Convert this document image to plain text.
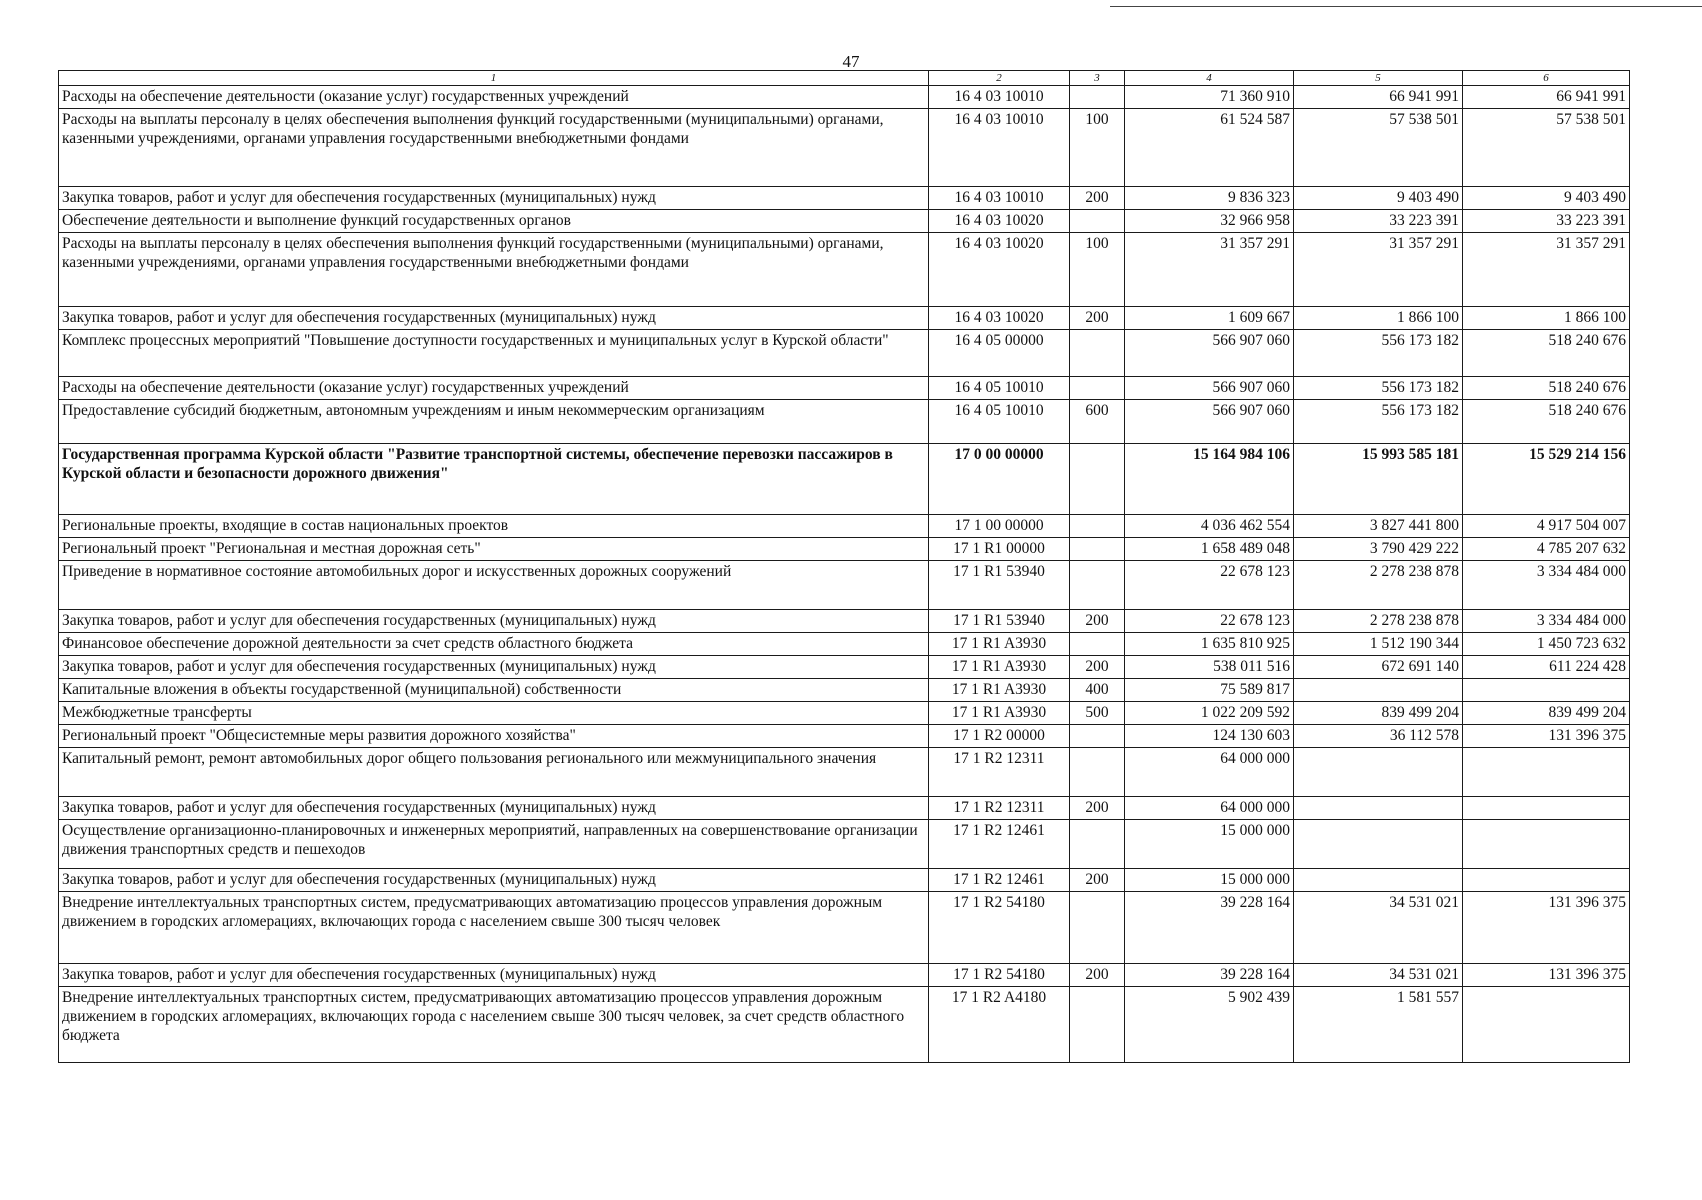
47
1	2	3	4	5	6
Расходы на обеспечение деятельности (оказание услуг) государственных учреждений	16 4 03 10010		71 360 910	66 941 991	66 941 991
Расходы на выплаты персоналу в целях обеспечения выполнения функций государственными (муниципальными) органами, казенными учреждениями, органами управления государственными внебюджетными фондами	16 4 03 10010	100	61 524 587	57 538 501	57 538 501
Закупка товаров, работ и услуг для обеспечения государственных (муниципальных) нужд	16 4 03 10010	200	9 836 323	9 403 490	9 403 490
Обеспечение деятельности и выполнение функций государственных органов	16 4 03 10020		32 966 958	33 223 391	33 223 391
Расходы на выплаты персоналу в целях обеспечения выполнения функций государственными (муниципальными) органами, казенными учреждениями, органами управления государственными внебюджетными фондами	16 4 03 10020	100	31 357 291	31 357 291	31 357 291
Закупка товаров, работ и услуг для обеспечения государственных (муниципальных) нужд	16 4 03 10020	200	1 609 667	1 866 100	1 866 100
Комплекс процессных мероприятий "Повышение доступности государственных и муниципальных услуг в Курской области"	16 4 05 00000		566 907 060	556 173 182	518 240 676
Расходы на обеспечение деятельности (оказание услуг) государственных учреждений	16 4 05 10010		566 907 060	556 173 182	518 240 676
Предоставление субсидий бюджетным, автономным учреждениям и иным некоммерческим организациям	16 4 05 10010	600	566 907 060	556 173 182	518 240 676
Государственная программа Курской области "Развитие транспортной системы, обеспечение перевозки пассажиров в Курской области и безопасности дорожного движения"	17 0 00 00000		15 164 984 106	15 993 585 181	15 529 214 156
Региональные проекты, входящие в состав национальных проектов	17 1 00 00000		4 036 462 554	3 827 441 800	4 917 504 007
Региональный проект "Региональная и местная дорожная сеть"	17 1 R1 00000		1 658 489 048	3 790 429 222	4 785 207 632
Приведение в нормативное состояние автомобильных дорог и искусственных дорожных сооружений	17 1 R1 53940		22 678 123	2 278 238 878	3 334 484 000
Закупка товаров, работ и услуг для обеспечения государственных (муниципальных) нужд	17 1 R1 53940	200	22 678 123	2 278 238 878	3 334 484 000
Финансовое обеспечение дорожной деятельности за счет средств областного бюджета	17 1 R1 A3930		1 635 810 925	1 512 190 344	1 450 723 632
Закупка товаров, работ и услуг для обеспечения государственных (муниципальных) нужд	17 1 R1 A3930	200	538 011 516	672 691 140	611 224 428
Капитальные вложения в объекты государственной (муниципальной) собственности	17 1 R1 A3930	400	75 589 817		
Межбюджетные трансферты	17 1 R1 A3930	500	1 022 209 592	839 499 204	839 499 204
Региональный проект "Общесистемные меры развития дорожного хозяйства"	17 1 R2 00000		124 130 603	36 112 578	131 396 375
Капитальный ремонт, ремонт автомобильных дорог общего пользования регионального или межмуниципального значения	17 1 R2 12311		64 000 000		
Закупка товаров, работ и услуг для обеспечения государственных (муниципальных) нужд	17 1 R2 12311	200	64 000 000		
Осуществление организационно-планировочных и инженерных мероприятий, направленных на совершенствование организации движения транспортных средств и пешеходов	17 1 R2 12461		15 000 000		
Закупка товаров, работ и услуг для обеспечения государственных (муниципальных) нужд	17 1 R2 12461	200	15 000 000		
Внедрение интеллектуальных транспортных систем, предусматривающих автоматизацию процессов управления дорожным движением в городских агломерациях, включающих города с населением свыше 300 тысяч человек	17 1 R2 54180		39 228 164	34 531 021	131 396 375
Закупка товаров, работ и услуг для обеспечения государственных (муниципальных) нужд	17 1 R2 54180	200	39 228 164	34 531 021	131 396 375
Внедрение интеллектуальных транспортных систем, предусматривающих автоматизацию процессов управления дорожным движением в городских агломерациях, включающих города с населением свыше 300 тысяч человек, за счет средств областного бюджета	17 1 R2 A4180		5 902 439	1 581 557	
